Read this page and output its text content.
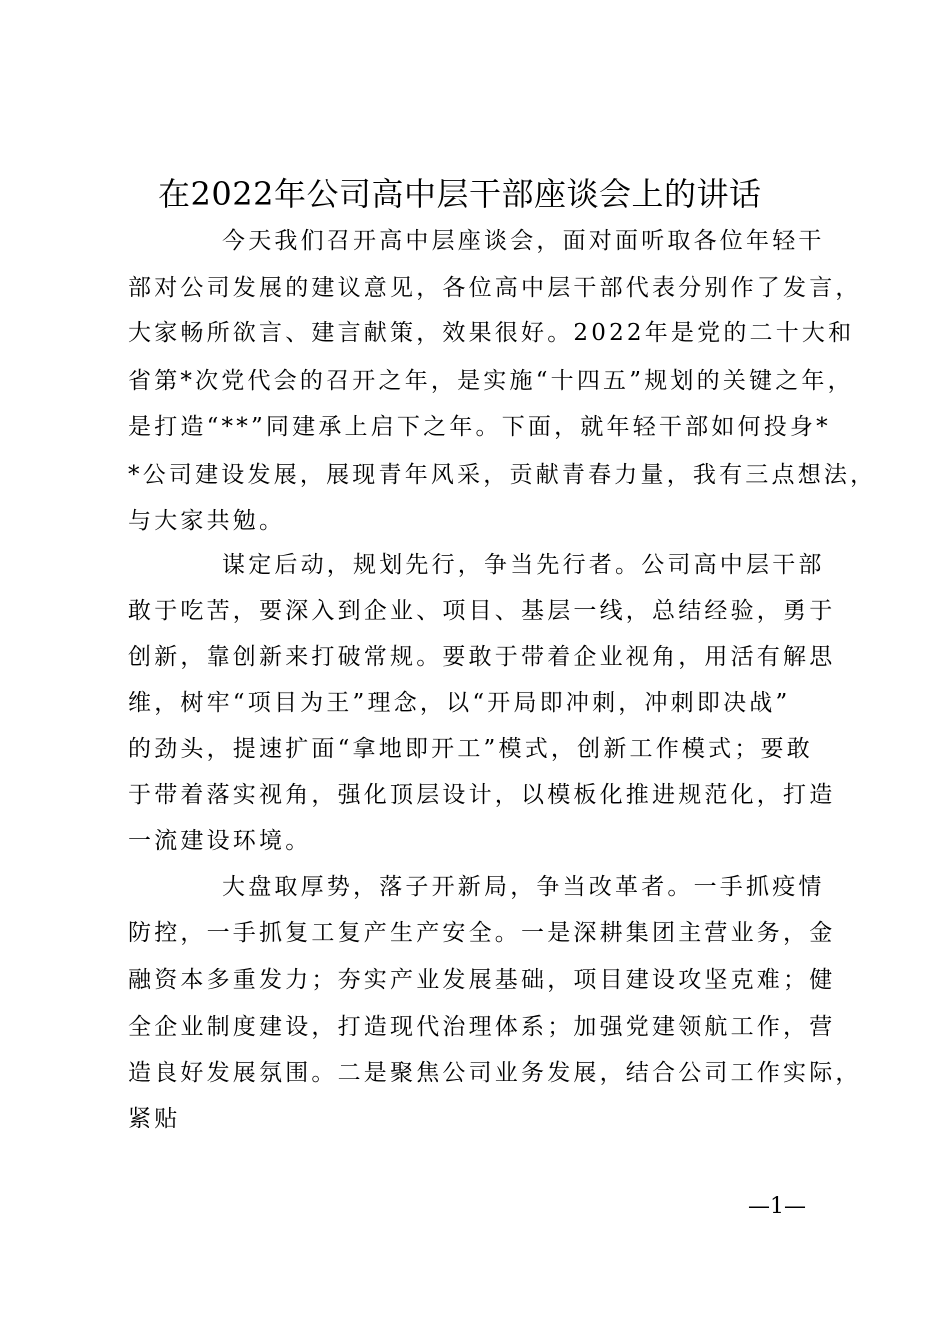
在2022年公司高中层干部座谈会上的讲话
今天我们召开高中层座谈会，面对面听取各位年轻干
部对公司发展的建议意见，各位高中层干部代表分别作了发言，
大家畅所欲言、建言献策，效果很好。2022年是党的二十大和
省第*次党代会的召开之年，是实施“十四五”规划的关键之年，
是打造“**”同建承上启下之年。下面，就年轻干部如何投身*
*公司建设发展，展现青年风采，贡献青春力量，我有三点想法，
与大家共勉。
谋定后动，规划先行，争当先行者。公司高中层干部
敢于吃苦，要深入到企业、项目、基层一线，总结经验，勇于
创新，靠创新来打破常规。要敢于带着企业视角，用活有解思
维，树牢“项目为王”理念，以“开局即冲刺，冲刺即决战”
的劲头，提速扩面“拿地即开工”模式，创新工作模式；要敢
于带着落实视角，强化顶层设计，以模板化推进规范化，打造
一流建设环境。
大盘取厚势，落子开新局，争当改革者。一手抓疫情
防控，一手抓复工复产生产安全。一是深耕集团主营业务，金
融资本多重发力；夯实产业发展基础，项目建设攻坚克难；健
全企业制度建设，打造现代治理体系；加强党建领航工作，营
造良好发展氛围。二是聚焦公司业务发展，结合公司工作实际，
紧贴
—1—
